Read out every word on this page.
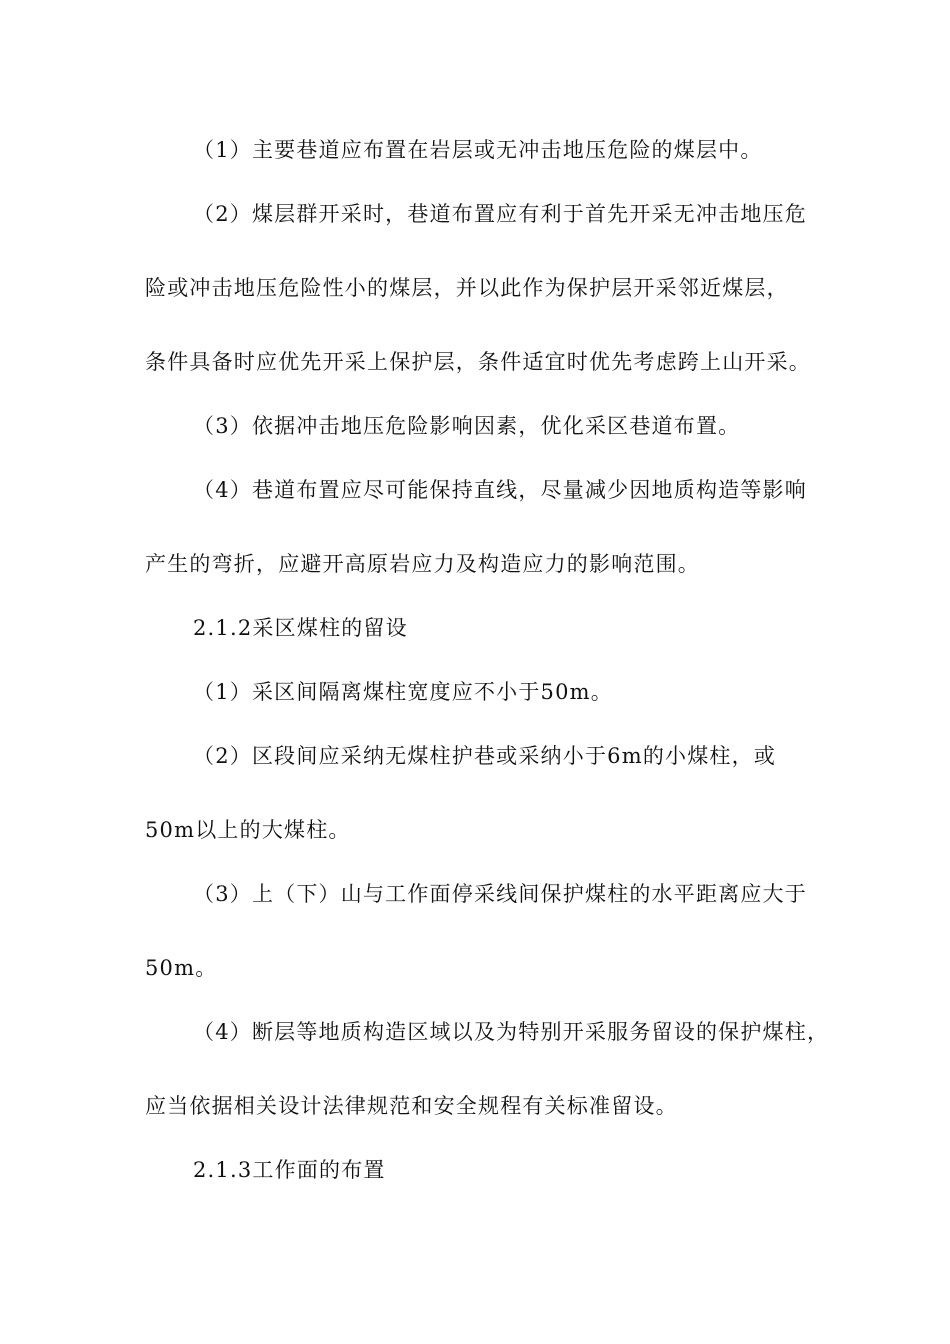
（1）主要巷道应布置在岩层或无冲击地压危险的煤层中。
（2）煤层群开采时，巷道布置应有利于首先开采无冲击地压危
险或冲击地压危险性小的煤层，并以此作为保护层开采邻近煤层，
条件具备时应优先开采上保护层，条件适宜时优先考虑跨上山开采。
（3）依据冲击地压危险影响因素，优化采区巷道布置。
（4）巷道布置应尽可能保持直线，尽量减少因地质构造等影响
产生的弯折，应避开高原岩应力及构造应力的影响范围。
2.1.2采区煤柱的留设
（1）采区间隔离煤柱宽度应不小于50m。
（2）区段间应采纳无煤柱护巷或采纳小于6m的小煤柱，或
50m以上的大煤柱。
（3）上（下）山与工作面停采线间保护煤柱的水平距离应大于
50m。
（4）断层等地质构造区域以及为特别开采服务留设的保护煤柱，
应当依据相关设计法律规范和安全规程有关标准留设。
2.1.3工作面的布置
